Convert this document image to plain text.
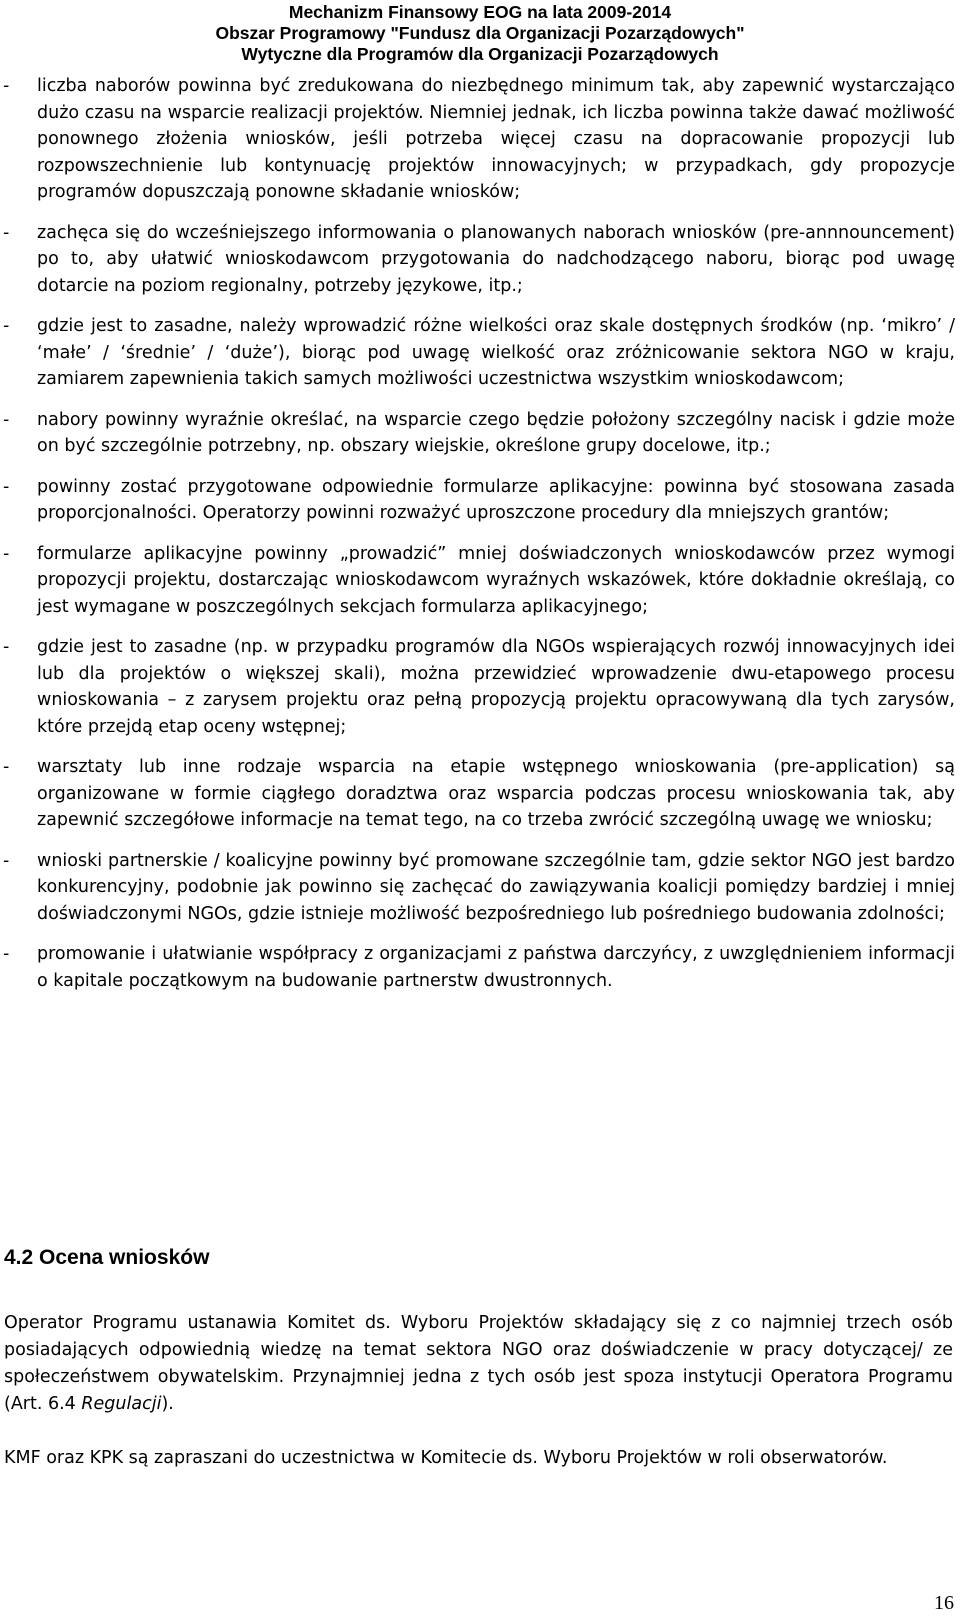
Mechanizm Finansowy EOG na lata 2009-2014
Obszar Programowy "Fundusz dla Organizacji Pozarządowych"
Wytyczne dla Programów dla Organizacji Pozarządowych
- liczba naborów powinna być zredukowana do niezbędnego minimum tak, aby zapewnić wystarczająco dużo czasu na wsparcie realizacji projektów. Niemniej jednak, ich liczba powinna także dawać możliwość ponownego złożenia wniosków, jeśli potrzeba więcej czasu na dopracowanie propozycji lub rozpowszechnienie lub kontynuację projektów innowacyjnych; w przypadkach, gdy propozycje programów dopuszczają ponowne składanie wniosków;
- zachęca się do wcześniejszego informowania o planowanych naborach wniosków (pre-annnouncement) po to, aby ułatwić wnioskodawcom przygotowania do nadchodzącego naboru, biorąc pod uwagę dotarcie na poziom regionalny, potrzeby językowe, itp.;
- gdzie jest to zasadne, należy wprowadzić różne wielkości oraz skale dostępnych środków (np. ‘mikro’ / ‘małe’ / ‘średnie’ / ‘duże’), biorąc pod uwagę wielkość oraz zróżnicowanie sektora NGO w kraju, zamiarem zapewnienia takich samych możliwości uczestnictwa wszystkim wnioskodawcom;
- nabory powinny wyraźnie określać, na wsparcie czego będzie położony szczególny nacisk i gdzie może on być szczególnie potrzebny, np. obszary wiejskie, określone grupy docelowe, itp.;
- powinny zostać przygotowane odpowiednie formularze aplikacyjne: powinna być stosowana zasada proporcjonalności. Operatorzy powinni rozważyć uproszczone procedury dla mniejszych grantów;
- formularze aplikacyjne powinny „prowadzić” mniej doświadczonych wnioskodawców przez wymogi propozycji projektu, dostarczając wnioskodawcom wyraźnych wskazówek, które dokładnie określają, co jest wymagane w poszczególnych sekcjach formularza aplikacyjnego;
- gdzie jest to zasadne (np. w przypadku programów dla NGOs wspierających rozwój innowacyjnych idei lub dla projektów o większej skali), można przewidzieć wprowadzenie dwu-etapowego procesu wnioskowania – z zarysem projektu oraz pełną propozycją projektu opracowywaną dla tych zarysów, które przejdą etap oceny wstępnej;
- warsztaty lub inne rodzaje wsparcia na etapie wstępnego wnioskowania (pre-application) są organizowane w formie ciągłego doradztwa oraz wsparcia podczas procesu wnioskowania tak, aby zapewnić szczegółowe informacje na temat tego, na co trzeba zwrócić szczególną uwagę we wniosku;
- wnioski partnerskie / koalicyjne powinny być promowane szczególnie tam, gdzie sektor NGO jest bardzo konkurencyjny, podobnie jak powinno się zachęcać do zawiązywania koalicji pomiędzy bardziej i mniej doświadczonymi NGOs, gdzie istnieje możliwość bezpośredniego lub pośredniego budowania zdolności;
- promowanie i ułatwianie współpracy z organizacjami z państwa darczyńcy, z uwzględnieniem informacji o kapitale początkowym na budowanie partnerstw dwustronnych.
4.2 Ocena wniosków
Operator Programu ustanawia Komitet ds. Wyboru Projektów składający się z co najmniej trzech osób posiadających odpowiednią wiedzę na temat sektora NGO oraz doświadczenie w pracy dotyczącej/ ze społeczeństwem obywatelskim. Przynajmniej jedna z tych osób jest spoza instytucji Operatora Programu (Art. 6.4 Regulacji).
KMF oraz KPK są zapraszani do uczestnictwa w Komitecie ds. Wyboru Projektów w roli obserwatorów.
16
